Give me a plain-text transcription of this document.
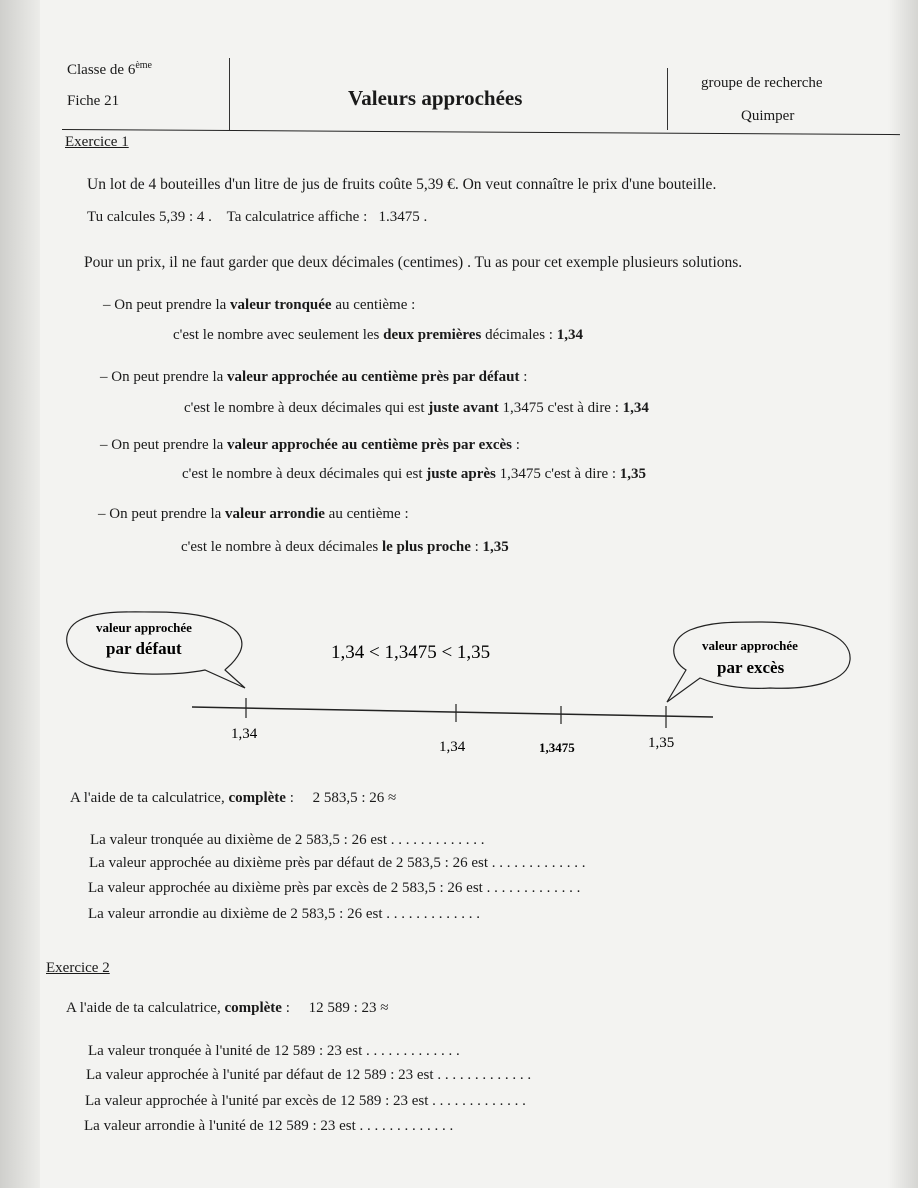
Classe de 6ème
Fiche 21	Valeurs approchées
groupe de recherche
Quimper
Exercice 1
Un lot de 4 bouteilles d'un litre de jus de fruits coûte 5,39 €. On veut connaître le prix d'une bouteille.
Tu calcules 5,39 : 4 . Ta calculatrice affiche : 1.3475 .
Pour un prix, il ne faut garder que deux décimales (centimes) . Tu as pour cet exemple plusieurs solutions.
– On peut prendre la valeur tronquée au centième :
c'est le nombre avec seulement les deux premières décimales : 1,34
– On peut prendre la valeur approchée au centième près par défaut :
c'est le nombre à deux décimales qui est juste avant 1,3475 c'est à dire : 1,34
– On peut prendre la valeur approchée au centième près par excès :
c'est le nombre à deux décimales qui est juste après 1,3475 c'est à dire : 1,35
– On peut prendre la valeur arrondie au centième :
c'est le nombre à deux décimales le plus proche : 1,35
valeur approchée
par défaut	valeur approchée
par excès
1,34 < 1,3475 < 1,35
1,34
1,34	1,3475	1,35
A l'aide de ta calculatrice, complète : 2 583,5 : 26 ≈
La valeur tronquée au dixième de 2 583,5 : 26 est . . . . . . . . . . . . .
La valeur approchée au dixième près par défaut de 2 583,5 : 26 est . . . . . . . . . . . . .
La valeur approchée au dixième près par excès de 2 583,5 : 26 est . . . . . . . . . . . . .
La valeur arrondie au dixième de 2 583,5 : 26 est . . . . . . . . . . . . .
Exercice 2
A l'aide de ta calculatrice, complète : 12 589 : 23 ≈
La valeur tronquée à l'unité de 12 589 : 23 est . . . . . . . . . . . . .
La valeur approchée à l'unité par défaut de 12 589 : 23 est . . . . . . . . . . . . .
La valeur approchée à l'unité par excès de 12 589 : 23 est . . . . . . . . . . . . .
La valeur arrondie à l'unité de 12 589 : 23 est . . . . . . . . . . . . .
